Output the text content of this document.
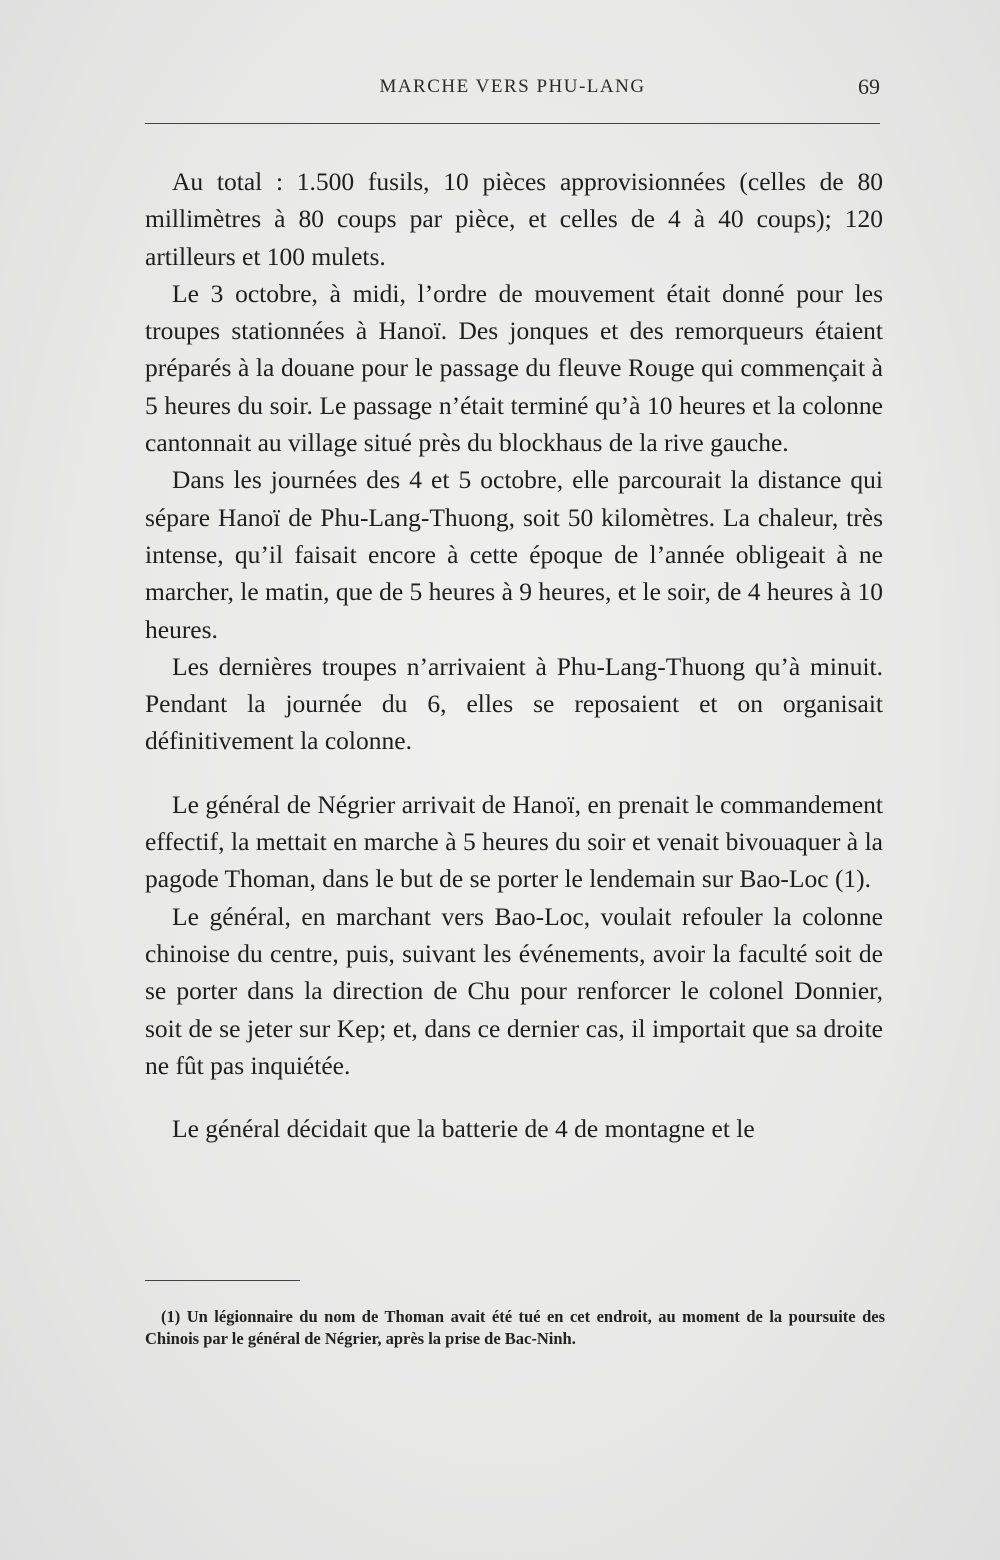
MARCHE VERS PHU-LANG	69

Au total : 1.500 fusils, 10 pièces approvisionnées (celles de 80 millimètres à 80 coups par pièce, et celles de 4 à 40 coups); 120 artilleurs et 100 mulets.

Le 3 octobre, à midi, l’ordre de mouvement était donné pour les troupes stationnées à Hanoï. Des jonques et des remorqueurs étaient préparés à la douane pour le passage du fleuve Rouge qui commençait à 5 heures du soir. Le passage n’était terminé qu’à 10 heures et la colonne cantonnait au village situé près du blockhaus de la rive gauche.

Dans les journées des 4 et 5 octobre, elle parcourait la distance qui sépare Hanoï de Phu-Lang-Thuong, soit 50 kilomètres. La chaleur, très intense, qu’il faisait encore à cette époque de l’année obligeait à ne marcher, le matin, que de 5 heures à 9 heures, et le soir, de 4 heures à 10 heures.

Les dernières troupes n’arrivaient à Phu-Lang-Thuong qu’à minuit. Pendant la journée du 6, elles se reposaient et on organisait définitivement la colonne.

Le général de Négrier arrivait de Hanoï, en prenait le commandement effectif, la mettait en marche à 5 heures du soir et venait bivouaquer à la pagode Thoman, dans le but de se porter le lendemain sur Bao-Loc (1).

Le général, en marchant vers Bao-Loc, voulait refouler la colonne chinoise du centre, puis, suivant les événements, avoir la faculté soit de se porter dans la direction de Chu pour renforcer le colonel Donnier, soit de se jeter sur Kep; et, dans ce dernier cas, il importait que sa droite ne fût pas inquiétée.

Le général décidait que la batterie de 4 de montagne et le

(1) Un légionnaire du nom de Thoman avait été tué en cet endroit, au moment de la poursuite des Chinois par le général de Négrier, après la prise de Bac-Ninh.
